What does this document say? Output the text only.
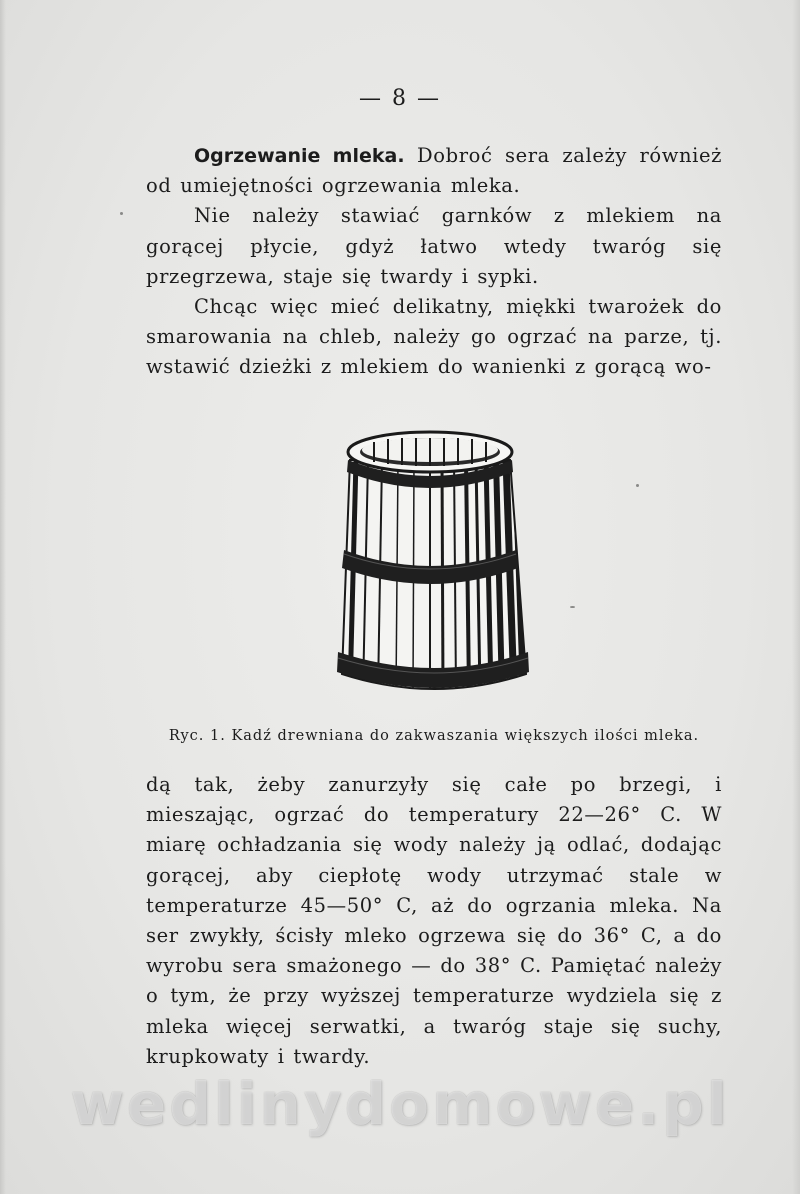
— 8 —

Ogrzewanie mleka. Dobroć sera zależy również od umiejętności ogrzewania mleka.

Nie należy stawiać garnków z mlekiem na gorącej płycie, gdyż łatwo wtedy twaróg się przegrzewa, staje się twardy i sypki.

Chcąc więc mieć delikatny, miękki twarożek do smarowania na chleb, należy go ogrzać na parze, tj. wstawić dzieżki z mlekiem do wanienki z gorącą wo-

Ryc. 1. Kadź drewniana do zakwaszania większych ilości mleka.

dą tak, żeby zanurzyły się całe po brzegi, i mieszając, ogrzać do temperatury 22—26° C. W miarę ochładzania się wody należy ją odlać, dodając gorącej, aby ciepłotę wody utrzymać stale w temperaturze 45—50° C, aż do ogrzania mleka. Na ser zwykły, ścisły mleko ogrzewa się do 36° C, a do wyrobu sera smażonego — do 38° C. Pamiętać należy o tym, że przy wyższej temperaturze wydziela się z mleka więcej serwatki, a twaróg staje się suchy, krupkowaty i twardy.

wedlinydomowe.pl
